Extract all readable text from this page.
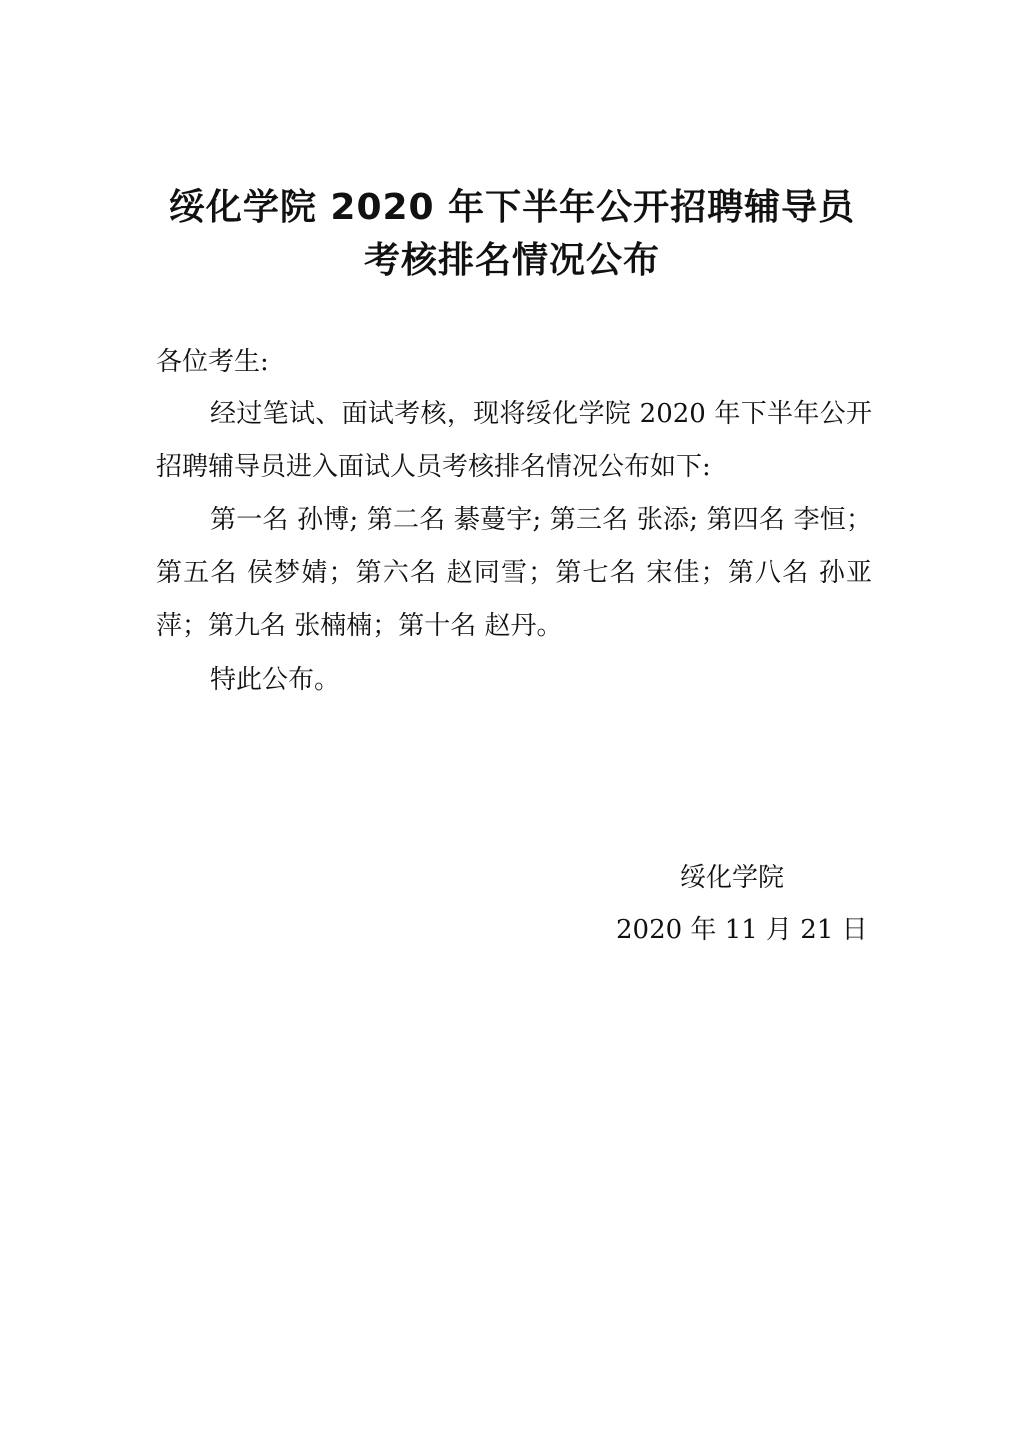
绥化学院 2020 年下半年公开招聘辅导员
考核排名情况公布
各位考生:
经过笔试、面试考核，现将绥化学院 2020 年下半年公开招聘辅导员进入面试人员考核排名情况公布如下:
第一名 孙博; 第二名 綦蔓宇; 第三名 张添; 第四名 李恒；第五名 侯梦婧；第六名 赵同雪；第七名 宋佳；第八名 孙亚萍；第九名 张楠楠；第十名 赵丹。
特此公布。
绥化学院
2020 年 11 月 21 日
